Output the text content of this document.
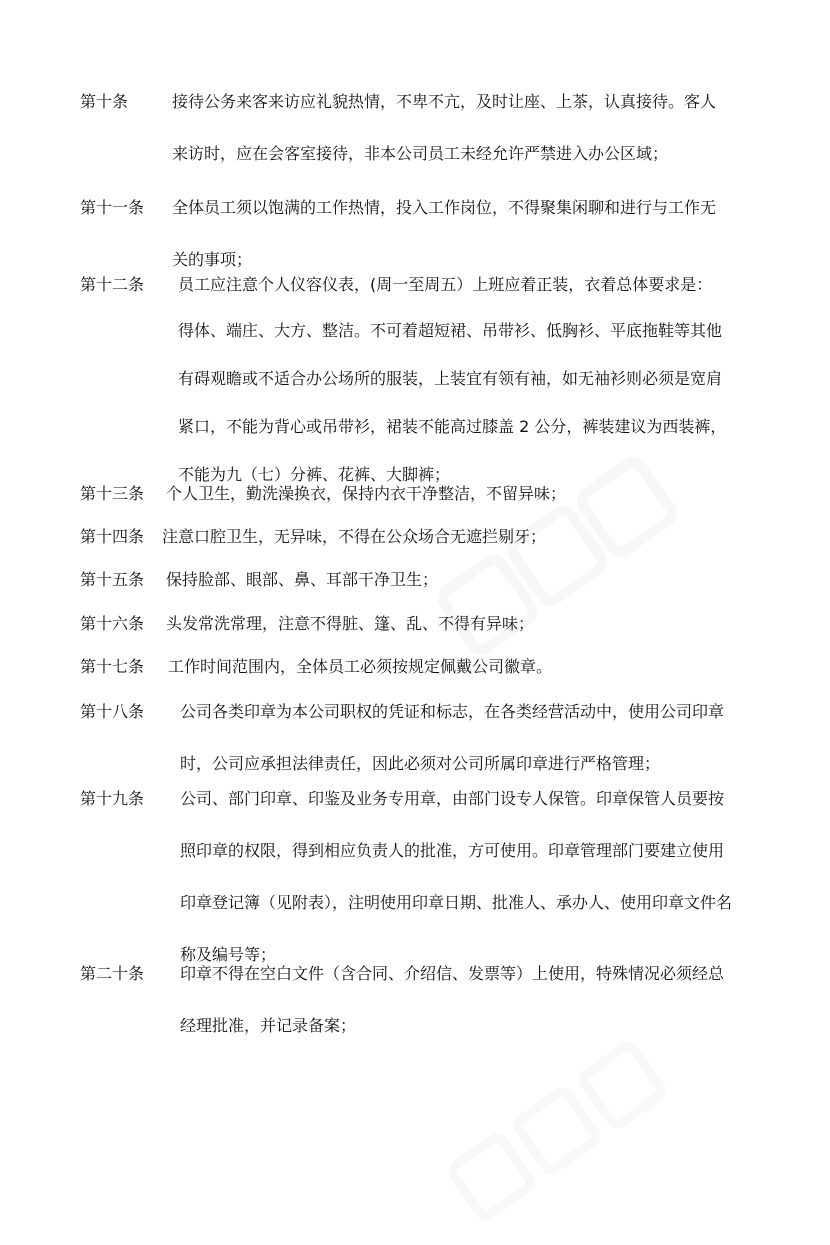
第十条	接待公务来客来访应礼貌热情，不卑不亢，及时让座、上茶，认真接待。客人
来访时，应在会客室接待，非本公司员工未经允许严禁进入办公区域；
第十一条 全体员工须以饱满的工作热情，投入工作岗位，不得聚集闲聊和进行与工作无
关的事项；
第十二条 员工应注意个人仪容仪表，(周一至周五）上班应着正装，衣着总体要求是：
得体、端庄、大方、整洁。不可着超短裙、吊带衫、低胸衫、平底拖鞋等其他
有碍观瞻或不适合办公场所的服装，上装宜有领有袖，如无袖衫则必须是宽肩
紧口，不能为背心或吊带衫，裙装不能高过膝盖 2 公分，裤装建议为西装裤，
不能为九（七）分裤、花裤、大脚裤；
第十三条 个人卫生，勤洗澡换衣，保持内衣干净整洁，不留异味；
第十四条 注意口腔卫生，无异味，不得在公众场合无遮拦剔牙；
第十五条 保持脸部、眼部、鼻、耳部干净卫生；
第十六条 头发常洗常理，注意不得脏、篷、乱、不得有异味；
第十七条 工作时间范围内，全体员工必须按规定佩戴公司徽章。
第十八条 公司各类印章为本公司职权的凭证和标志，在各类经营活动中，使用公司印章
时，公司应承担法律责任，因此必须对公司所属印章进行严格管理；
第十九条 公司、部门印章、印鉴及业务专用章，由部门设专人保管。印章保管人员要按
照印章的权限，得到相应负责人的批准，方可使用。印章管理部门要建立使用
印章登记簿（见附表），注明使用印章日期、批准人、承办人、使用印章文件名
称及编号等；
第二十条 印章不得在空白文件（含合同、介绍信、发票等）上使用，特殊情况必须经总
经理批准，并记录备案；
